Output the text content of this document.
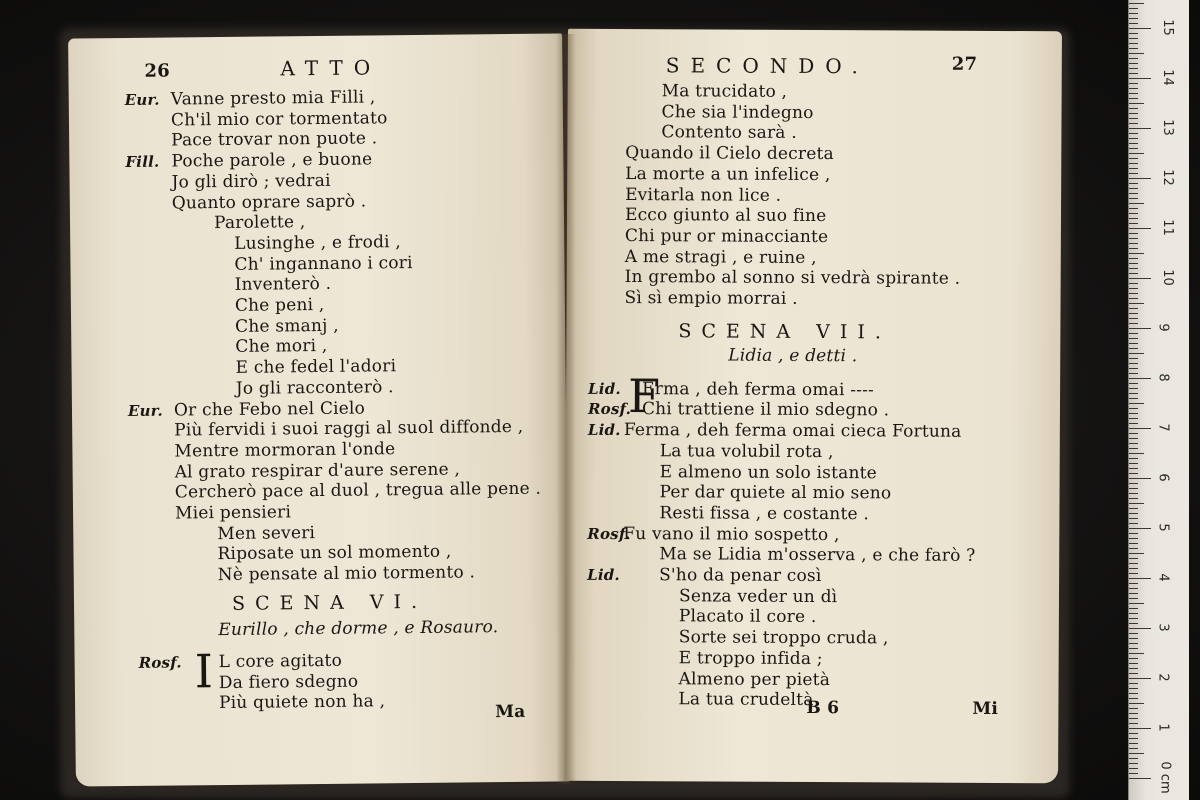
26	ATTO
Eur. Vanne presto mia Filli ,
Ch'il mio cor tormentato
Pace trovar non puote .
Fill. Poche parole , e buone
Jo gli dirò ; vedrai
Quanto oprare saprò .
Parolette ,
Lusinghe , e frodi ,
Ch' ingannano i cori
Inventerò .
Che peni ,
Che smanj ,
Che mori ,
E che fedel l'adori
Jo gli racconterò .
Eur. Or che Febo nel Cielo
Più fervidi i suoi raggi al suol diffonde ,
Mentre mormoran l'onde
Al grato respirar d'aure serene ,
Cercherò pace al duol , tregua alle pene .
Miei pensieri
Men severi
Riposate un sol momento ,
Nè pensate al mio tormento .
SCENA VI.
Eurillo , che dorme , e Rosauro.
Rosf. I L core agitato
Da fiero sdegno
Più quiete non ha ,	Ma
SECONDO.	27
Ma trucidato ,
Che sia l'indegno
Contento sarà .
Quando il Cielo decreta
La morte a un infelice ,
Evitarla non lice .
Ecco giunto al suo fine
Chi pur or minacciante
A me stragi , e ruine ,
In grembo al sonno si vedrà spirante .
Sì sì empio morrai .
SCENA VII.
Lidia , e detti .
Lid. Erma , deh ferma omai ----
Rosf. Chi trattiene il mio sdegno .
Lid. Ferma , deh ferma omai cieca Fortuna
La tua volubil rota ,
E almeno un solo istante
Per dar quiete al mio seno
Resti fissa , e costante .
Rosf.
Fu vano il mio sospetto ,
Ma se Lidia m'osserva , e che farò ?
Lid. S'ho da penar così
Senza veder un dì
Placato il core .
Sorte sei troppo cruda ,
E troppo infida ;
Almeno per pietà
La tua crudeltà
F
B 6	Mi
0 cm
1
2
3
4
5
6
7
8
9
10
11
12
13
14
15
